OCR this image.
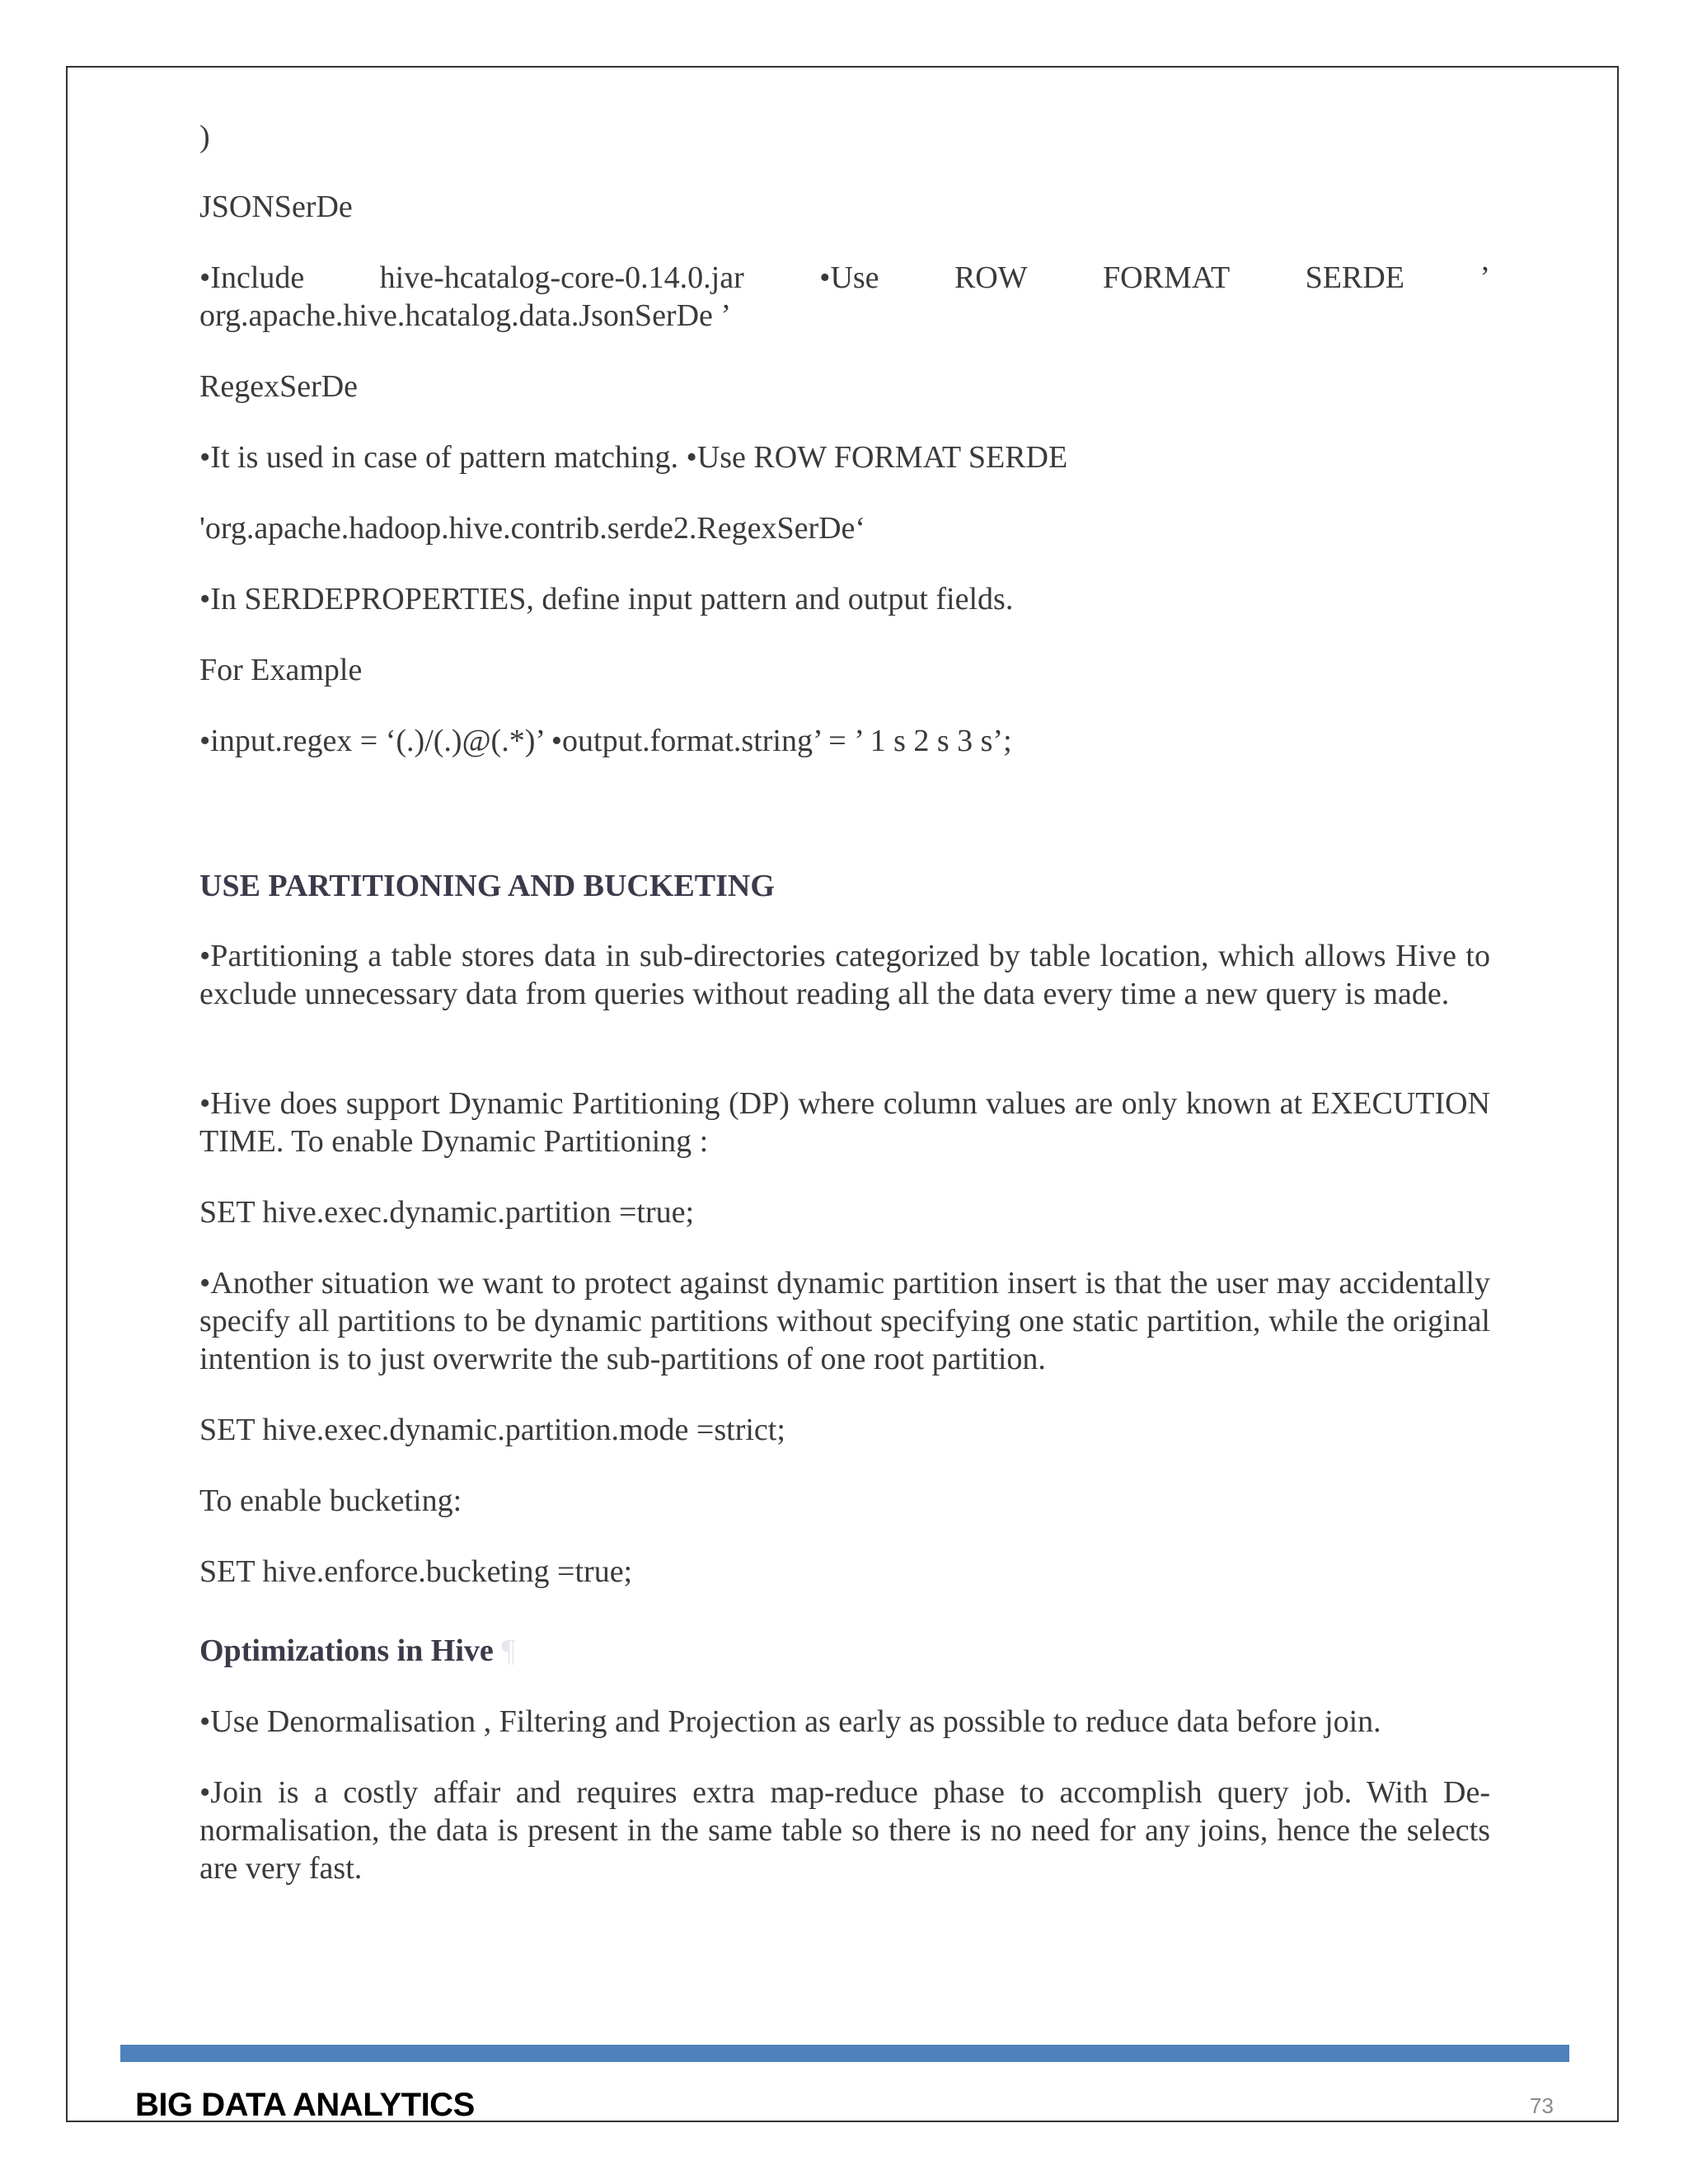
)

JSONSerDe

•Include hive-hcatalog-core-0.14.0.jar •Use ROW FORMAT SERDE ’
org.apache.hive.hcatalog.data.JsonSerDe ’

RegexSerDe

•It is used in case of pattern matching. •Use ROW FORMAT SERDE

'org.apache.hadoop.hive.contrib.serde2.RegexSerDe‘

•In SERDEPROPERTIES, define input pattern and output fields.

For Example

•input.regex = ‘(.)/(.)@(.*)’ •output.format.string’ = ’ 1 s 2 s 3 s’;

USE PARTITIONING AND BUCKETING

•Partitioning a table stores data in sub-directories categorized by table location, which allows Hive to exclude unnecessary data from queries without reading all the data every time a new query is made.

•Hive does support Dynamic Partitioning (DP) where column values are only known at EXECUTION TIME. To enable Dynamic Partitioning :

SET hive.exec.dynamic.partition =true;

•Another situation we want to protect against dynamic partition insert is that the user may accidentally specify all partitions to be dynamic partitions without specifying one static partition, while the original intention is to just overwrite the sub-partitions of one root partition.

SET hive.exec.dynamic.partition.mode =strict;

To enable bucketing:

SET hive.enforce.bucketing =true;

Optimizations in Hive ¶

•Use Denormalisation , Filtering and Projection as early as possible to reduce data before join.

•Join is a costly affair and requires extra map-reduce phase to accomplish query job. With De-normalisation, the data is present in the same table so there is no need for any joins, hence the selects are very fast.

BIG DATA ANALYTICS	73
